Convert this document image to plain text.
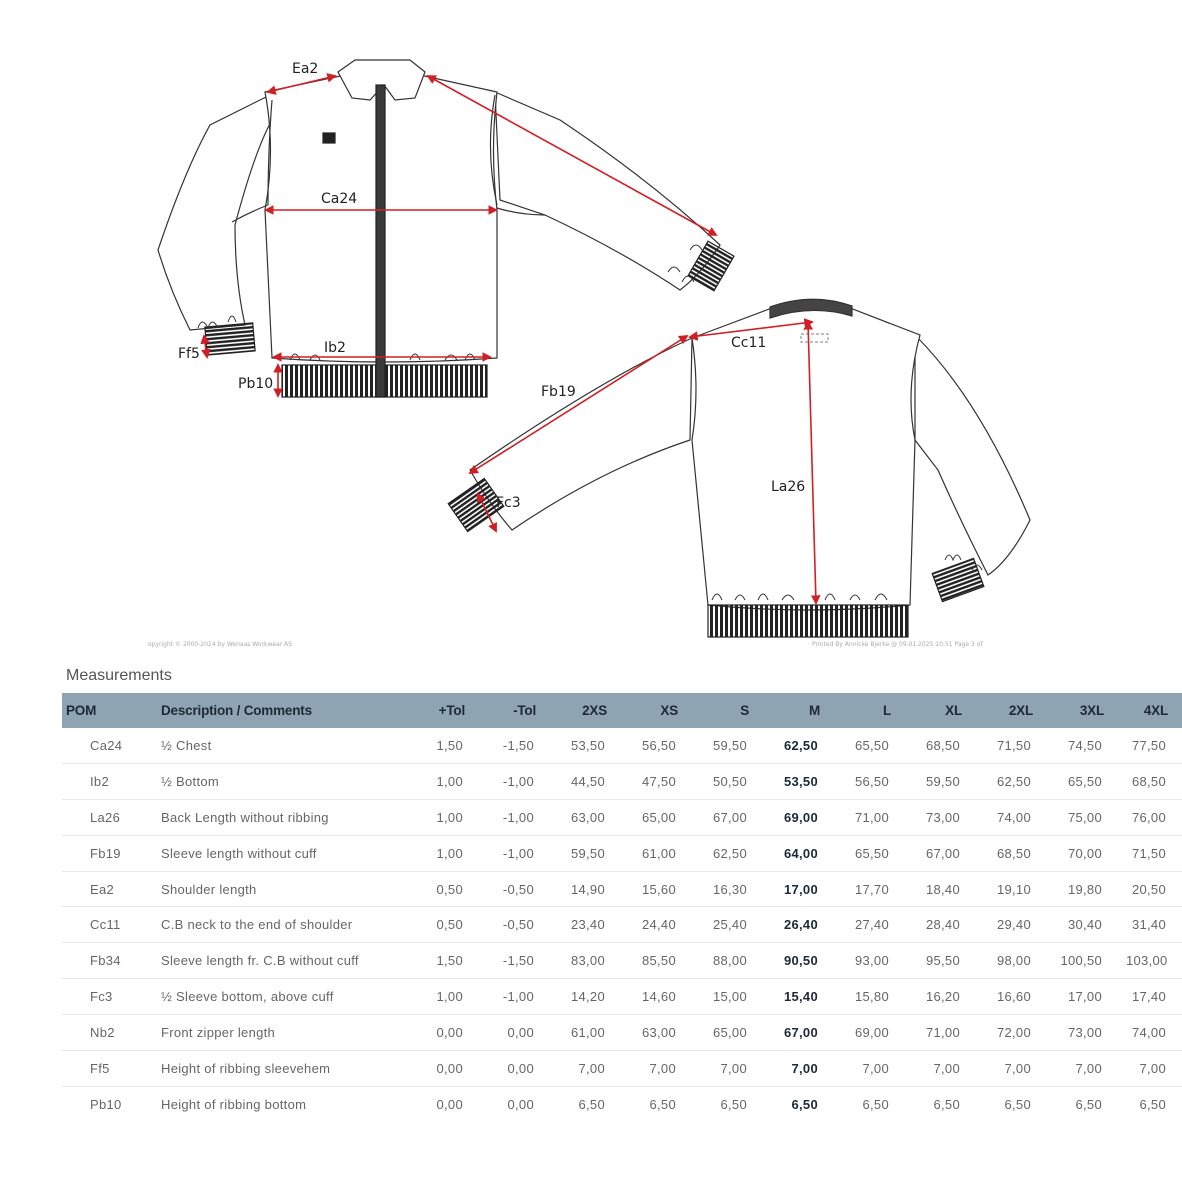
Ea2
Ca24
Ib2
Ff5
Pb10
Cc11
Fb19
Fc3
La26
opyright © 2000-2024 by Wenaas Workwear AS	Printed By Annicke Bjerke @ 09.01.2025 10:51 Page 3 of
Measurements
POM	Description / Comments	+Tol	-Tol	2XS	XS	S	M	L	XL	2XL	3XL	4XL
Ca24	½ Chest	1,50	-1,50	53,50	56,50	59,50	62,50	65,50	68,50	71,50	74,50	77,50
Ib2	½ Bottom	1,00	-1,00	44,50	47,50	50,50	53,50	56,50	59,50	62,50	65,50	68,50
La26	Back Length without ribbing	1,00	-1,00	63,00	65,00	67,00	69,00	71,00	73,00	74,00	75,00	76,00
Fb19	Sleeve length without cuff	1,00	-1,00	59,50	61,00	62,50	64,00	65,50	67,00	68,50	70,00	71,50
Ea2	Shoulder length	0,50	-0,50	14,90	15,60	16,30	17,00	17,70	18,40	19,10	19,80	20,50
Cc11	C.B neck to the end of shoulder	0,50	-0,50	23,40	24,40	25,40	26,40	27,40	28,40	29,40	30,40	31,40
Fb34	Sleeve length fr. C.B without cuff	1,50	-1,50	83,00	85,50	88,00	90,50	93,00	95,50	98,00	100,50	103,00
Fc3	½ Sleeve bottom, above cuff	1,00	-1,00	14,20	14,60	15,00	15,40	15,80	16,20	16,60	17,00	17,40
Nb2	Front zipper length	0,00	0,00	61,00	63,00	65,00	67,00	69,00	71,00	72,00	73,00	74,00
Ff5	Height of ribbing sleevehem	0,00	0,00	7,00	7,00	7,00	7,00	7,00	7,00	7,00	7,00	7,00
Pb10	Height of ribbing bottom	0,00	0,00	6,50	6,50	6,50	6,50	6,50	6,50	6,50	6,50	6,50
